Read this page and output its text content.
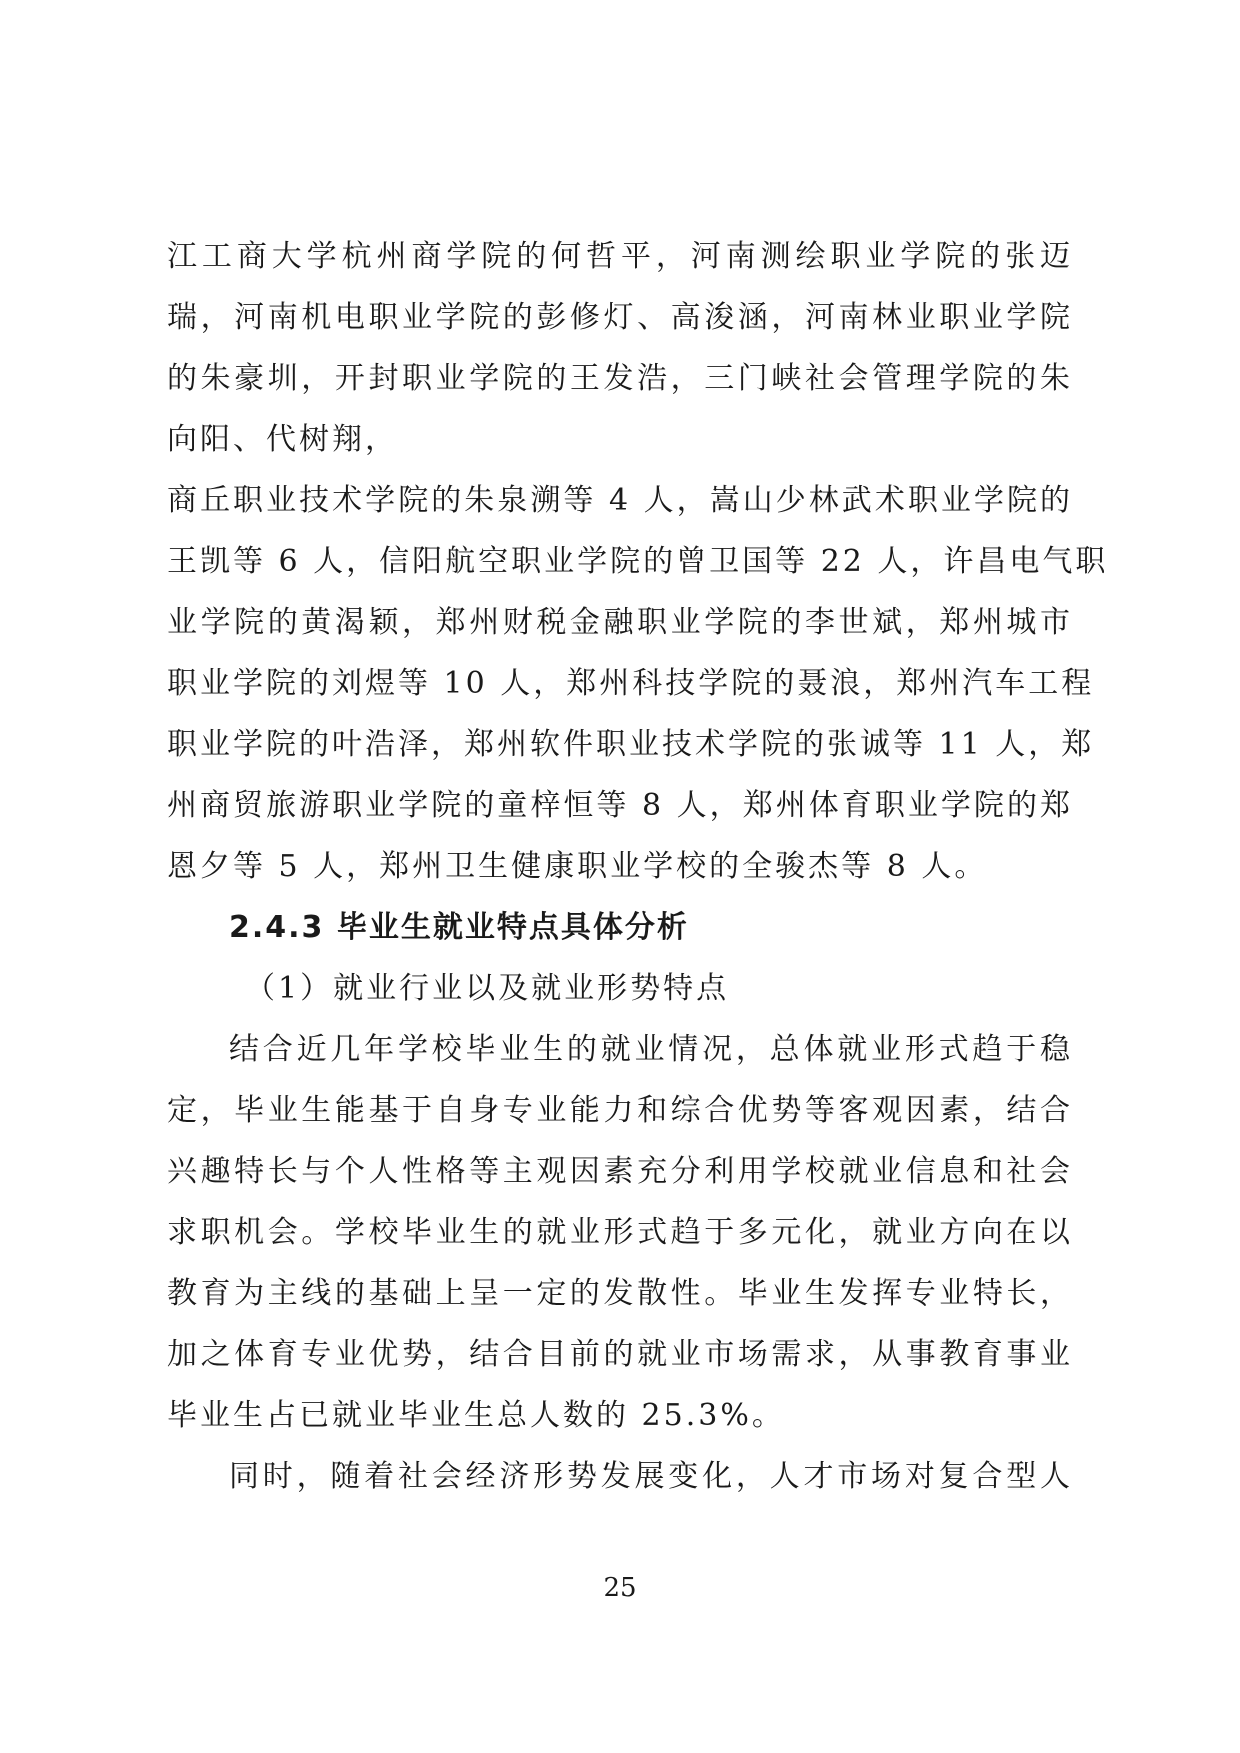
江工商大学杭州商学院的何哲平，河南测绘职业学院的张迈
瑞，河南机电职业学院的彭修灯、高浚涵，河南林业职业学院
的朱豪圳，开封职业学院的王发浩，三门峡社会管理学院的朱
向阳、代树翔，
商丘职业技术学院的朱泉溯等 4 人，嵩山少林武术职业学院的
王凯等 6 人，信阳航空职业学院的曾卫国等 22 人，许昌电气职
业学院的黄渴颖，郑州财税金融职业学院的李世斌，郑州城市
职业学院的刘煜等 10 人，郑州科技学院的聂浪，郑州汽车工程
职业学院的叶浩泽，郑州软件职业技术学院的张诚等 11 人，郑
州商贸旅游职业学院的童梓恒等 8 人，郑州体育职业学院的郑
恩夕等 5 人，郑州卫生健康职业学校的全骏杰等 8 人。
2.4.3 毕业生就业特点具体分析
（1）就业行业以及就业形势特点
结合近几年学校毕业生的就业情况，总体就业形式趋于稳
定，毕业生能基于自身专业能力和综合优势等客观因素，结合
兴趣特长与个人性格等主观因素充分利用学校就业信息和社会
求职机会。学校毕业生的就业形式趋于多元化，就业方向在以
教育为主线的基础上呈一定的发散性。毕业生发挥专业特长，
加之体育专业优势，结合目前的就业市场需求，从事教育事业
毕业生占已就业毕业生总人数的 25.3%。
同时，随着社会经济形势发展变化，人才市场对复合型人
25
